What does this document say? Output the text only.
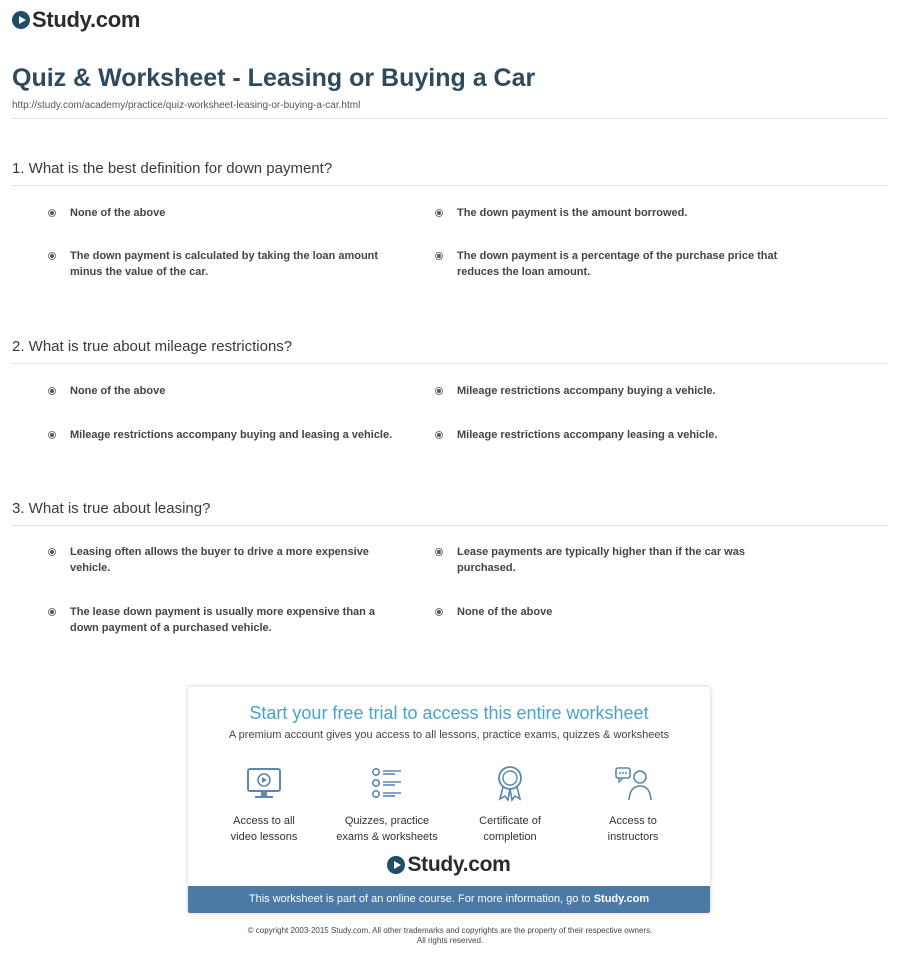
Study.com
Quiz & Worksheet - Leasing or Buying a Car
http://study.com/academy/practice/quiz-worksheet-leasing-or-buying-a-car.html
1. What is the best definition for down payment?
None of the above	The down payment is the amount borrowed.
The down payment is calculated by taking the loan amount minus the value of the car.
The down payment is a percentage of the purchase price that reduces the loan amount.
2. What is true about mileage restrictions?
None of the above	Mileage restrictions accompany buying a vehicle.
Mileage restrictions accompany buying and leasing a vehicle.	Mileage restrictions accompany leasing a vehicle.
3. What is true about leasing?
Leasing often allows the buyer to drive a more expensive vehicle.
Lease payments are typically higher than if the car was purchased.
The lease down payment is usually more expensive than a down payment of a purchased vehicle.
None of the above
Start your free trial to access this entire worksheet
A premium account gives you access to all lessons, practice exams, quizzes & worksheets
Access to all
video lessons
Quizzes, practice
exams & worksheets
Certificate of
completion
Access to
instructors
Study.com
This worksheet is part of an online course. For more information, go to Study.com
© copyright 2003-2015 Study.com. All other trademarks and copyrights are the property of their respective owners.
All rights reserved.
